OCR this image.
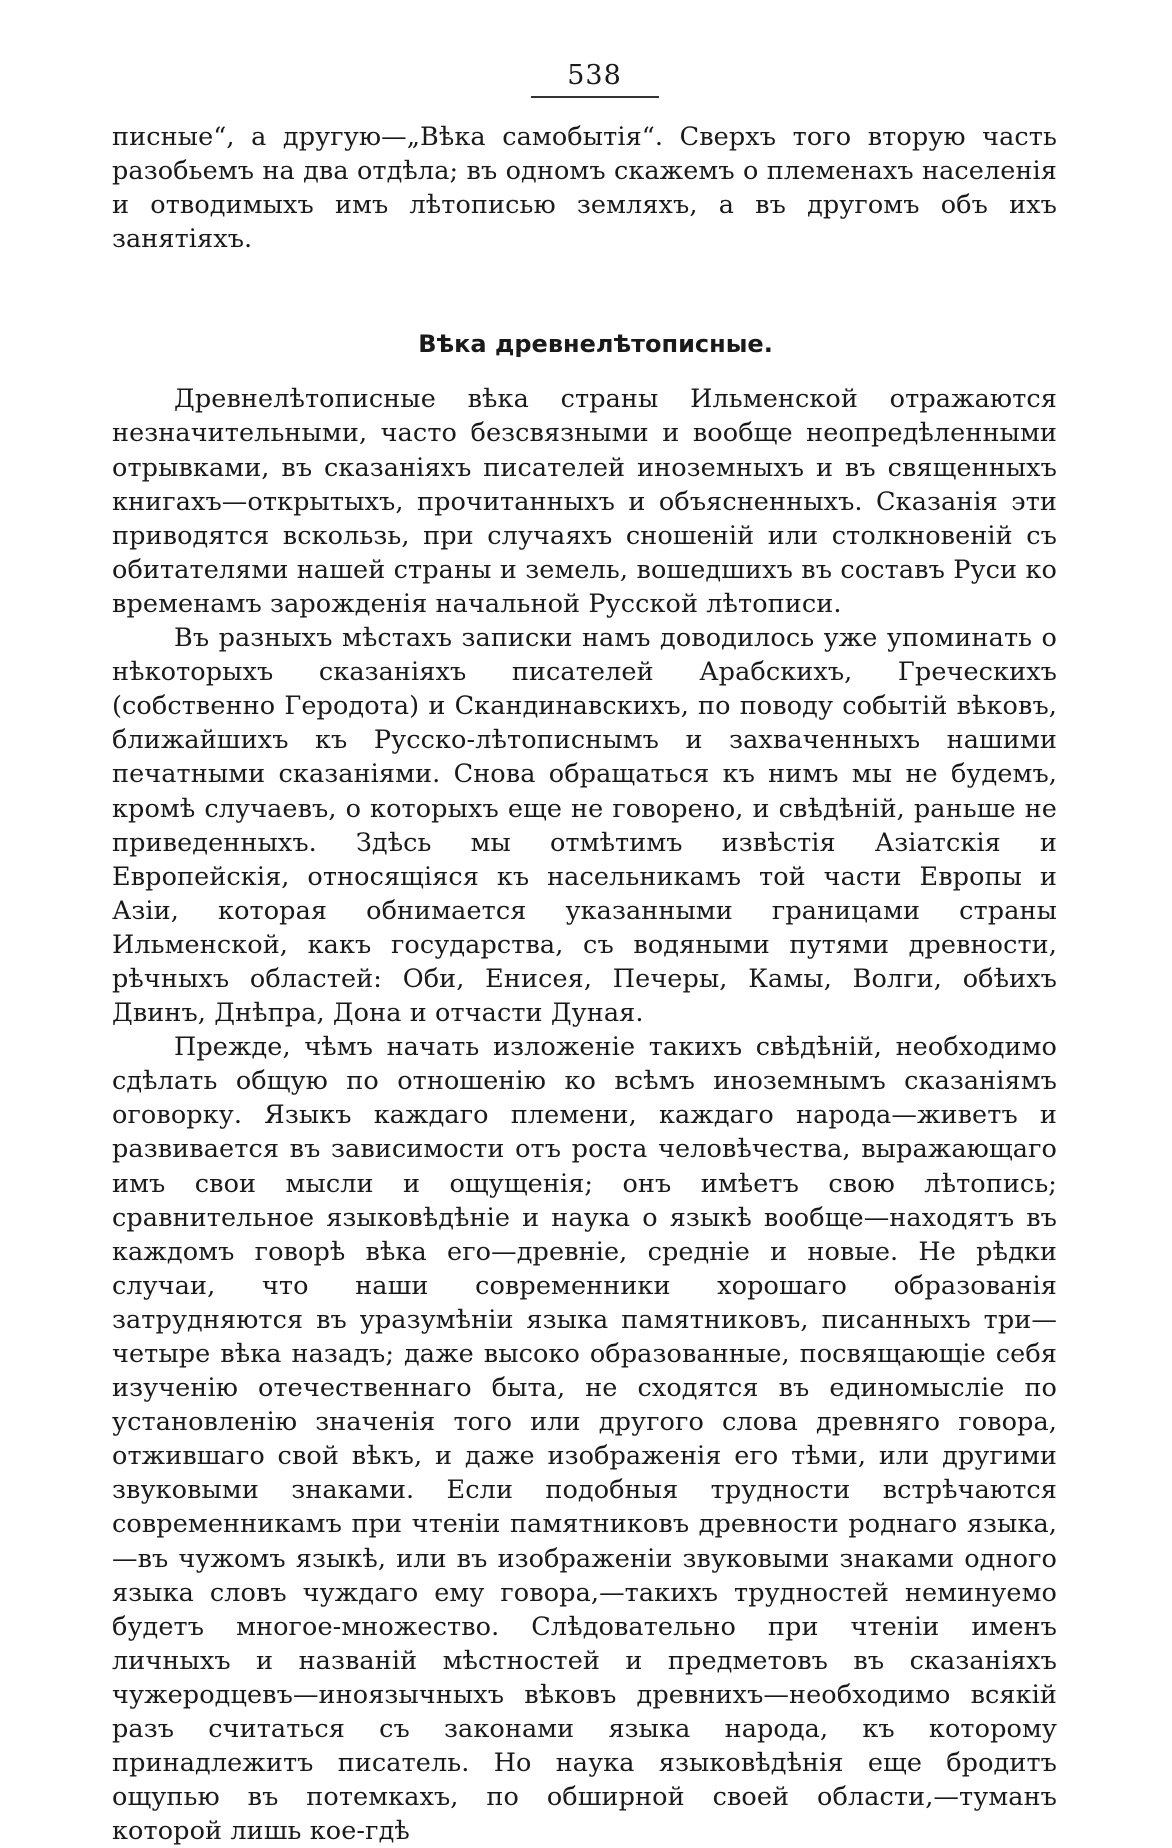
538

писные“, а другую—„Вѣка самобытія“. Сверхъ того вторую часть разобьемъ на два отдѣла; въ одномъ скажемъ о племенахъ населенія и отводимыхъ имъ лѣтописью земляхъ, а въ другомъ объ ихъ занятіяхъ.

Вѣка древнелѣтописные.

Древнелѣтописные вѣка страны Ильменской отражаются незначительными, часто безсвязными и вообще неопредѣленными отрывками, въ сказаніяхъ писателей иноземныхъ и въ священныхъ книгахъ—открытыхъ, прочитанныхъ и объясненныхъ. Сказанія эти приводятся вскользь, при случаяхъ сношеній или столкновеній съ обитателями нашей страны и земель, вошедшихъ въ составъ Руси ко временамъ зарожденія начальной Русской лѣтописи.

Въ разныхъ мѣстахъ записки намъ доводилось уже упоминать о нѣкоторыхъ сказаніяхъ писателей Арабскихъ, Греческихъ (собственно Геродота) и Скандинавскихъ, по поводу событій вѣковъ, ближайшихъ къ Русско-лѣтописнымъ и захваченныхъ нашими печатными сказаніями. Снова обращаться къ нимъ мы не будемъ, кромѣ случаевъ, о которыхъ еще не говорено, и свѣдѣній, раньше не приведенныхъ. Здѣсь мы отмѣтимъ извѣстія Азіатскія и Европейскія, относящіяся къ насельникамъ той части Европы и Азіи, которая обнимается указанными границами страны Ильменской, какъ государства, съ водяными путями древности, рѣчныхъ областей: Оби, Енисея, Печеры, Камы, Волги, обѣихъ Двинъ, Днѣпра, Дона и отчасти Дуная.

Прежде, чѣмъ начать изложеніе такихъ свѣдѣній, необходимо сдѣлать общую по отношенію ко всѣмъ иноземнымъ сказаніямъ оговорку. Языкъ каждаго племени, каждаго народа—живетъ и развивается въ зависимости отъ роста человѣчества, выражающаго имъ свои мысли и ощущенія; онъ имѣетъ свою лѣтопись; сравнительное языковѣдѣніе и наука о языкѣ вообще—находятъ въ каждомъ говорѣ вѣка его—древніе, средніе и новые. Не рѣдки случаи, что наши современники хорошаго образованія затрудняются въ уразумѣніи языка памятниковъ, писанныхъ три—четыре вѣка назадъ; даже высоко образованные, посвящающіе себя изученію отечественнаго быта, не сходятся въ единомысліе по установленію значенія того или другого слова древняго говора, отжившаго свой вѣкъ, и даже изображенія его тѣми, или другими звуковыми знаками. Если подобныя трудности встрѣчаются современникамъ при чтеніи памятниковъ древности роднаго языка,—въ чужомъ языкѣ, или въ изображеніи звуковыми знаками одного языка словъ чуждаго ему говора,—такихъ трудностей неминуемо будетъ многое-множество. Слѣдовательно при чтеніи именъ личныхъ и названій мѣстностей и предметовъ въ сказаніяхъ чужеродцевъ—иноязычныхъ вѣковъ древнихъ—необходимо всякій разъ считаться съ законами языка народа, къ которому принадлежитъ писатель. Но наука языковѣдѣнія еще бродитъ ощупью въ потемкахъ, по обширной своей области,—туманъ которой лишь кое-гдѣ
